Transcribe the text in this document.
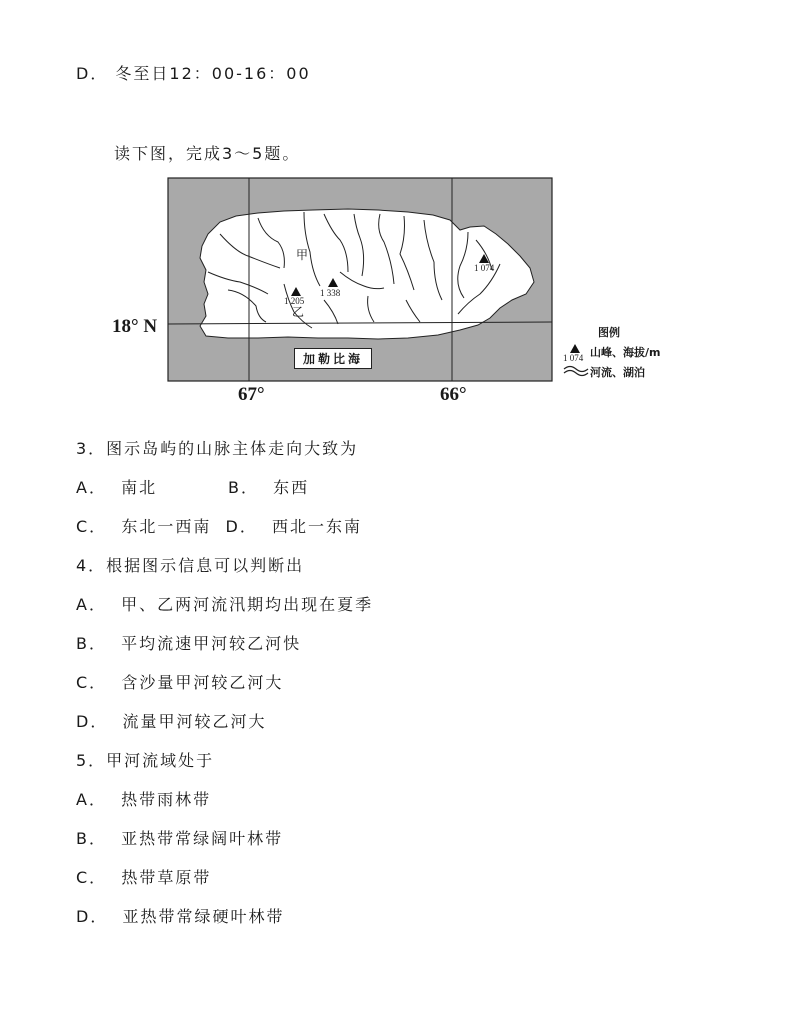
D． 冬至日12：00-16：00
读下图，完成3～5题。
18° N
67°	66°
加勒比海
甲
乙
1 205
1 338
1 074
图例
1 074 山峰、海拔/m
河流、湖泊
3．图示岛屿的山脉主体走向大致为
A．  南北          B．  东西
C．  东北一西南  D．  西北一东南
4．根据图示信息可以判断出
A．  甲、乙两河流汛期均出现在夏季
B．  平均流速甲河较乙河快
C．  含沙量甲河较乙河大
D．  流量甲河较乙河大
5．甲河流域处于
A．  热带雨林带
B．  亚热带常绿阔叶林带
C．  热带草原带
D．  亚热带常绿硬叶林带
